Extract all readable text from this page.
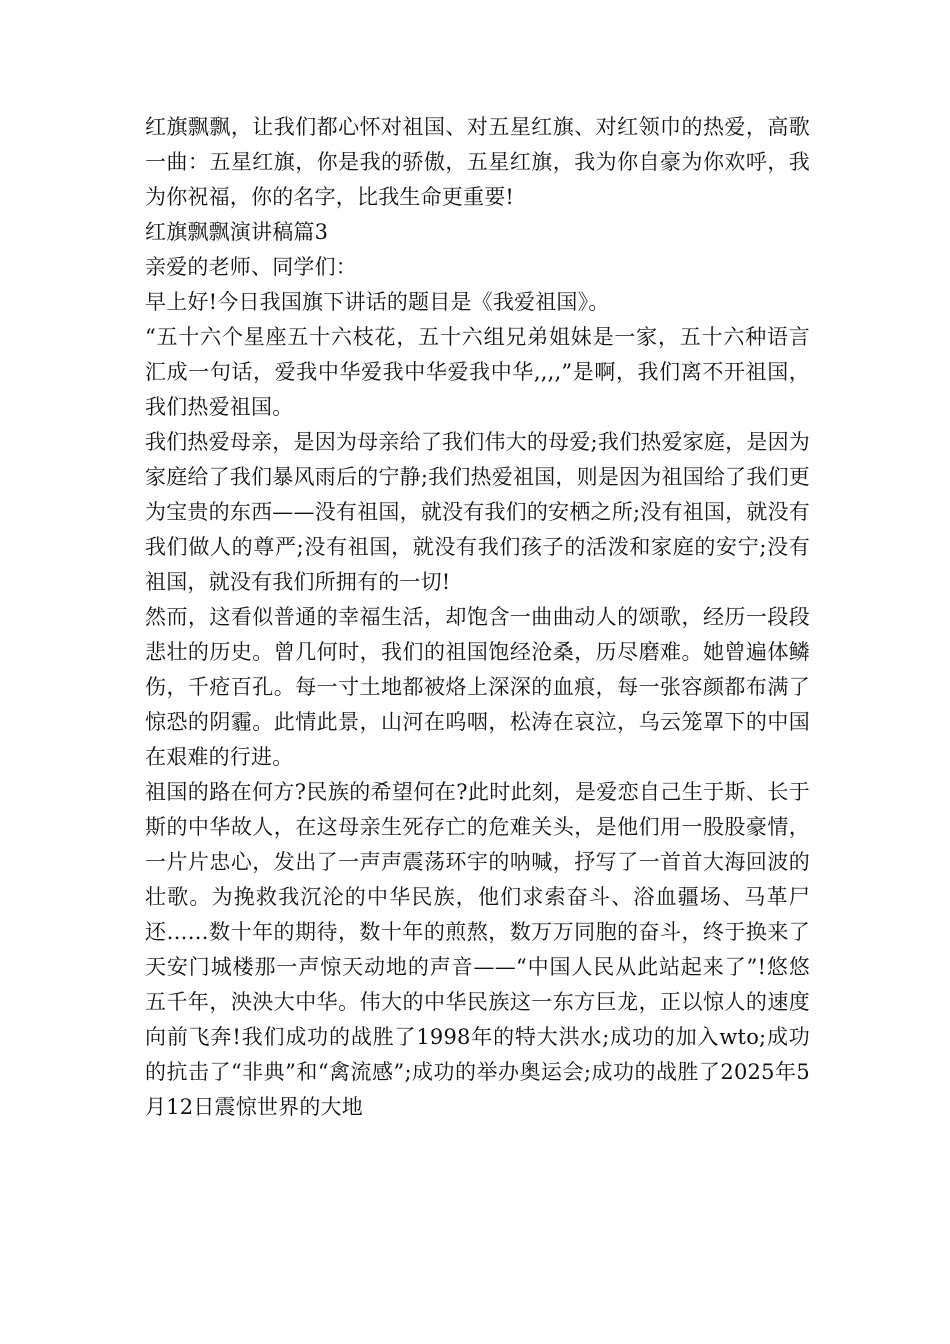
红旗飘飘，让我们都心怀对祖国、对五星红旗、对红领巾的热爱，高歌一曲：五星红旗，你是我的骄傲，五星红旗，我为你自豪为你欢呼，我为你祝福，你的名字，比我生命更重要!

红旗飘飘演讲稿篇3

亲爱的老师、同学们：

早上好!今日我国旗下讲话的题目是《我爱祖国》。

“五十六个星座五十六枝花，五十六组兄弟姐妹是一家，五十六种语言汇成一句话，爱我中华爱我中华爱我中华,,,,”是啊，我们离不开祖国，我们热爱祖国。

我们热爱母亲，是因为母亲给了我们伟大的母爱;我们热爱家庭，是因为家庭给了我们暴风雨后的宁静;我们热爱祖国，则是因为祖国给了我们更为宝贵的东西——没有祖国，就没有我们的安栖之所;没有祖国，就没有我们做人的尊严;没有祖国，就没有我们孩子的活泼和家庭的安宁;没有祖国，就没有我们所拥有的一切!

然而，这看似普通的幸福生活，却饱含一曲曲动人的颂歌，经历一段段悲壮的历史。曾几何时，我们的祖国饱经沧桑，历尽磨难。她曾遍体鳞伤，千疮百孔。每一寸土地都被烙上深深的血痕，每一张容颜都布满了惊恐的阴霾。此情此景，山河在呜咽，松涛在哀泣，乌云笼罩下的中国在艰难的行进。

祖国的路在何方?民族的希望何在?此时此刻，是爱恋自己生于斯、长于斯的中华故人，在这母亲生死存亡的危难关头，是他们用一股股豪情，一片片忠心，发出了一声声震荡环宇的呐喊，抒写了一首首大海回波的壮歌。为挽救我沉沦的中华民族，他们求索奋斗、浴血疆场、马革尸还……数十年的期待，数十年的煎熬，数万万同胞的奋斗，终于换来了天安门城楼那一声惊天动地的声音——“中国人民从此站起来了”!悠悠五千年，泱泱大中华。伟大的中华民族这一东方巨龙，正以惊人的速度向前飞奔!我们成功的战胜了1998年的特大洪水;成功的加入wto;成功的抗击了“非典”和“禽流感”;成功的举办奥运会;成功的战胜了2025年5月12日震惊世界的大地
